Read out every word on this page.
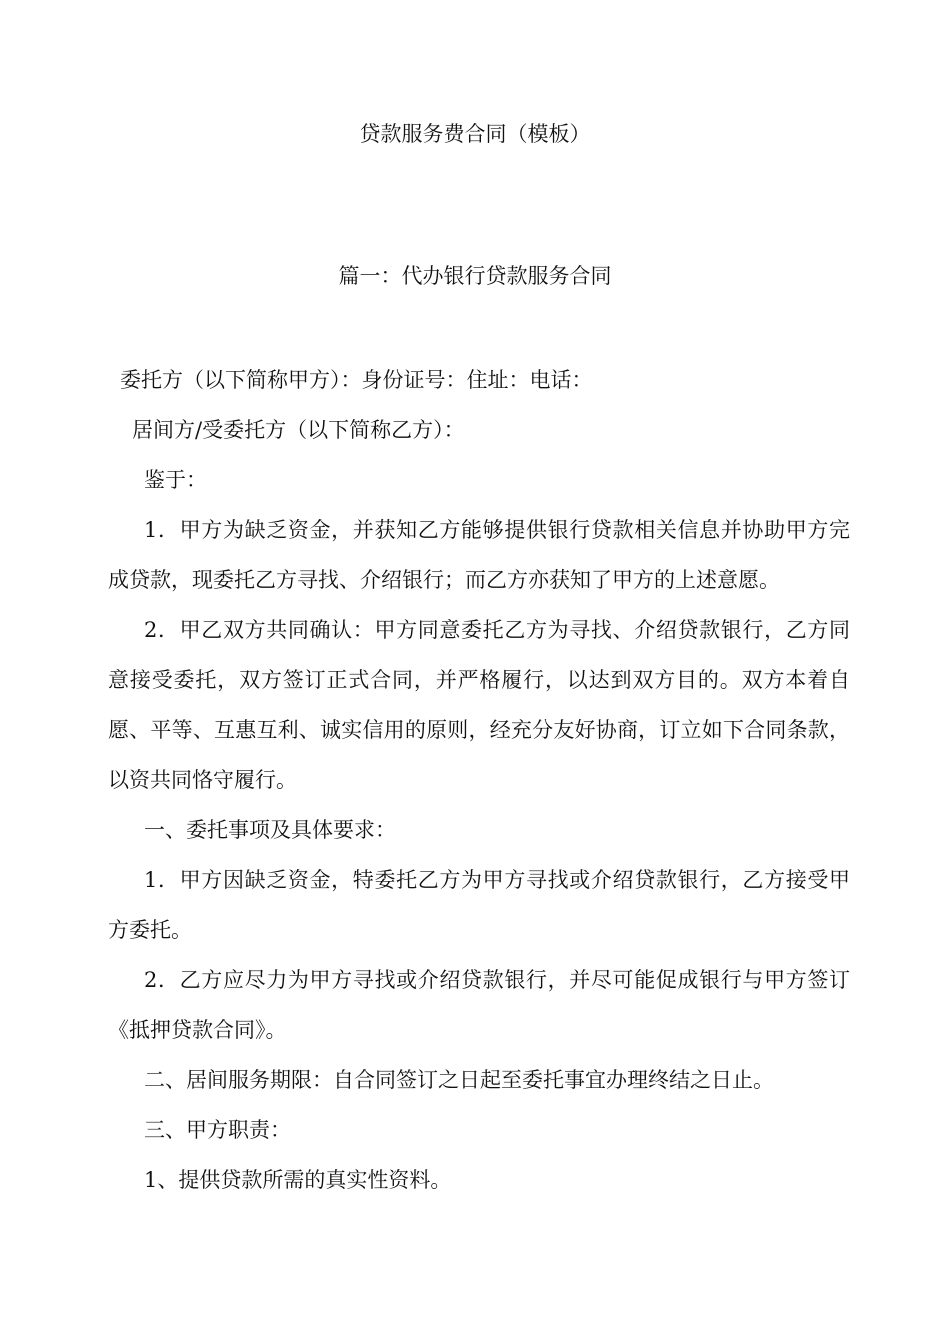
贷款服务费合同（模板）
篇一：代办银行贷款服务合同

委托方（以下简称甲方）：身份证号：住址：电话：

居间方/受委托方（以下简称乙方）：

鉴于：

1．甲方为缺乏资金，并获知乙方能够提供银行贷款相关信息并协助甲方完成贷款，现委托乙方寻找、介绍银行；而乙方亦获知了甲方的上述意愿。

2．甲乙双方共同确认：甲方同意委托乙方为寻找、介绍贷款银行，乙方同意接受委托，双方签订正式合同，并严格履行，以达到双方目的。双方本着自愿、平等、互惠互利、诚实信用的原则，经充分友好协商，订立如下合同条款，以资共同恪守履行。

一、委托事项及具体要求：

1．甲方因缺乏资金，特委托乙方为甲方寻找或介绍贷款银行，乙方接受甲方委托。

2．乙方应尽力为甲方寻找或介绍贷款银行，并尽可能促成银行与甲方签订《抵押贷款合同》。

二、居间服务期限：自合同签订之日起至委托事宜办理终结之日止。

三、甲方职责：

1、提供贷款所需的真实性资料。
